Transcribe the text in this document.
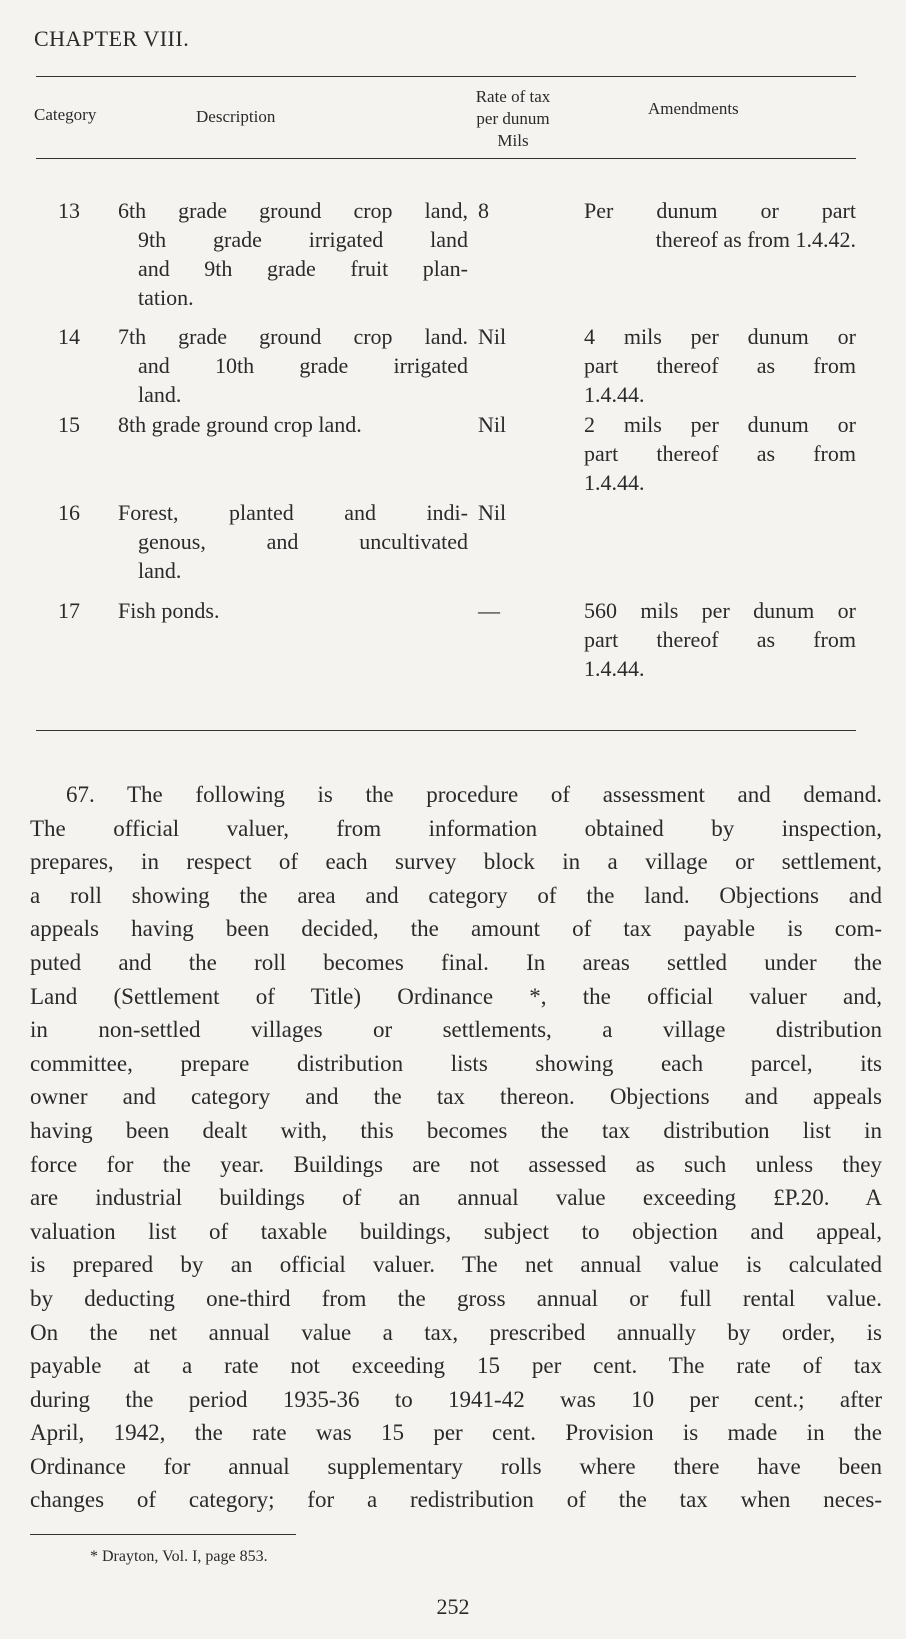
CHAPTER VIII.
Category	Description
Rate of tax
per dunum
Mils
Amendments
13 6th grade ground crop land,
9th grade irrigated land
and 9th grade fruit plan-
tation.
8	Per dunum or part
thereof as from 1.4.42.
14 7th grade ground crop land.
and 10th grade irrigated
land.
Nil	4 mils per dunum or
part thereof as from
1.4.44.
15 8th grade ground crop land.	Nil	2 mils per dunum or
part thereof as from
1.4.44.
16 Forest, planted and indi-
genous, and uncultivated
land.
Nil
17 Fish ponds.	—	560 mils per dunum or
part thereof as from
1.4.44.
67. The following is the procedure of assessment and demand.
The official valuer, from information obtained by inspection,
prepares, in respect of each survey block in a village or settlement,
a roll showing the area and category of the land. Objections and
appeals having been decided, the amount of tax payable is com-
puted and the roll becomes final. In areas settled under the
Land (Settlement of Title) Ordinance *, the official valuer and,
in non-settled villages or settlements, a village distribution
committee, prepare distribution lists showing each parcel, its
owner and category and the tax thereon. Objections and appeals
having been dealt with, this becomes the tax distribution list in
force for the year. Buildings are not assessed as such unless they
are industrial buildings of an annual value exceeding £P.20. A
valuation list of taxable buildings, subject to objection and appeal,
is prepared by an official valuer. The net annual value is calculated
by deducting one-third from the gross annual or full rental value.
On the net annual value a tax, prescribed annually by order, is
payable at a rate not exceeding 15 per cent. The rate of tax
during the period 1935-36 to 1941-42 was 10 per cent.; after
April, 1942, the rate was 15 per cent. Provision is made in the
Ordinance for annual supplementary rolls where there have been
changes of category; for a redistribution of the tax when neces-
* Drayton, Vol. I, page 853.
252
